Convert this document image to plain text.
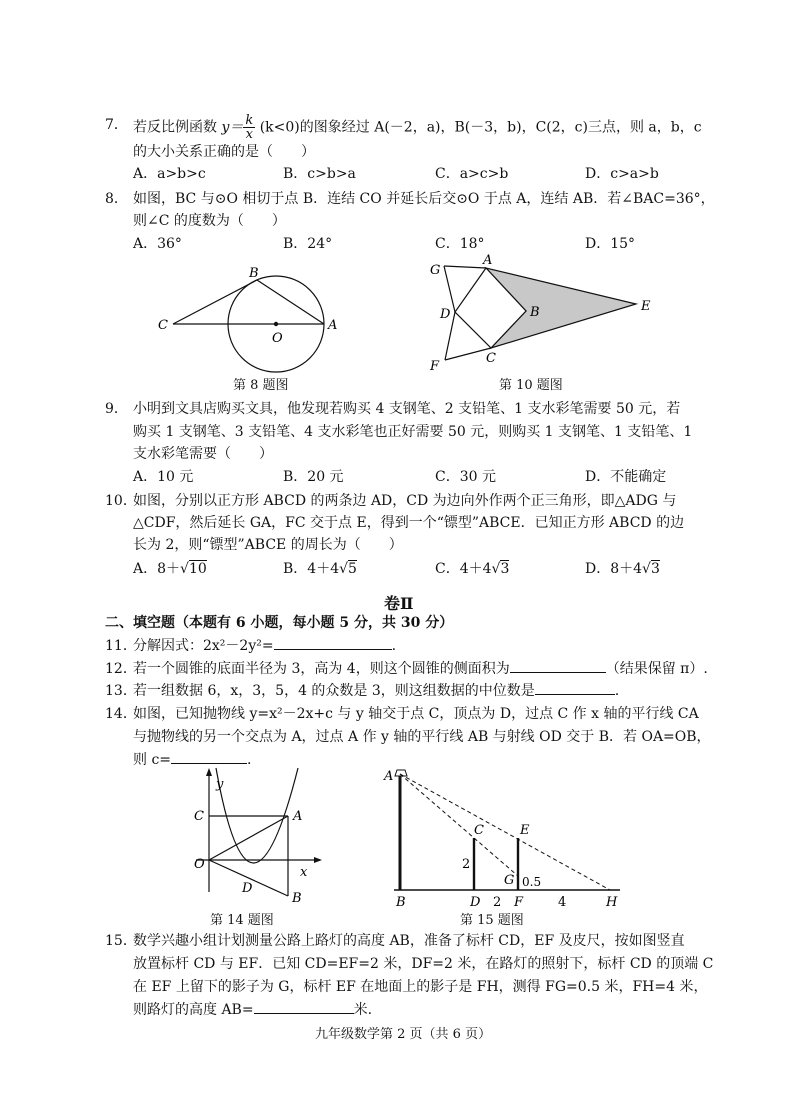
7． 若反比例函数 $y= \frac{k}{x} (k<0)$的图象经过 A(－2，a)，B(－3，b)，C(2，c)三点，则 a，b，c
的大小关系正确的是（　　）
A．a>b>c	B．c>b>a	C．a>c>b	D．c>a>b
8． 如图，BC 与⊙O 相切于点 B．连结 CO 并延长后交⊙O 于点 A，连结 AB．若∠BAC=36°，
则∠C 的度数为（　　）
A．36°	B．24°	C．18°	D．15°
B
C
O
A
第 8 题图
G
A
D	B	E
F
C
第 10 题图
9． 小明到文具店购买文具，他发现若购买 4 支钢笔、2 支铅笔、1 支水彩笔需要 50 元，若
购买 1 支钢笔、3 支铅笔、4 支水彩笔也正好需要 50 元，则购买 1 支钢笔、1 支铅笔、1
支水彩笔需要（　　）
A．10 元	B．20 元	C．30 元	D．不能确定
10．
如图，分别以正方形 ABCD 的两条边 AD，CD 为边向外作两个正三角形，即△ADG 与
△CDF，然后延长 GA，FC 交于点 E，得到一个“镖型”ABCE．已知正方形 ABCD 的边
长为 2，则“镖型”ABCE 的周长为（　　）
A．8＋√10	B．4＋4√5	C．4＋4√3	D．8＋4√3
卷Ⅱ
二、填空题（本题有 6 小题，每小题 5 分，共 30 分）
11．
分解因式：2x²－2y²=	.
12．
若一个圆锥的底面半径为 3，高为 4，则这个圆锥的侧面积为	（结果保留 π）.
13．
若一组数据 6，x，3，5，4 的众数是 3，则这组数据的中位数是	.
14．
如图，已知抛物线 y=x²－2x+c 与 y 轴交于点 C，顶点为 D，过点 C 作 x 轴的平行线 CA
与抛物线的另一个交点为 A，过点 A 作 y 轴的平行线 AB 与射线 OD 交于 B．若 OA=OB，
则 c=	.
y
C	A
O
x
D
B
第 14 题图
A
C	E
2
G 0.5
B	D 2 F	4	H
第 15 题图
15．
数学兴趣小组计划测量公路上路灯的高度 AB，准备了标杆 CD，EF 及皮尺，按如图竖直
放置标杆 CD 与 EF．已知 CD=EF=2 米，DF=2 米，在路灯的照射下，标杆 CD 的顶端 C
在 EF 上留下的影子为 G，标杆 EF 在地面上的影子是 FH，测得 FG=0.5 米，FH=4 米，
则路灯的高度 AB=	米.
九年级数学第 2 页（共 6 页）
